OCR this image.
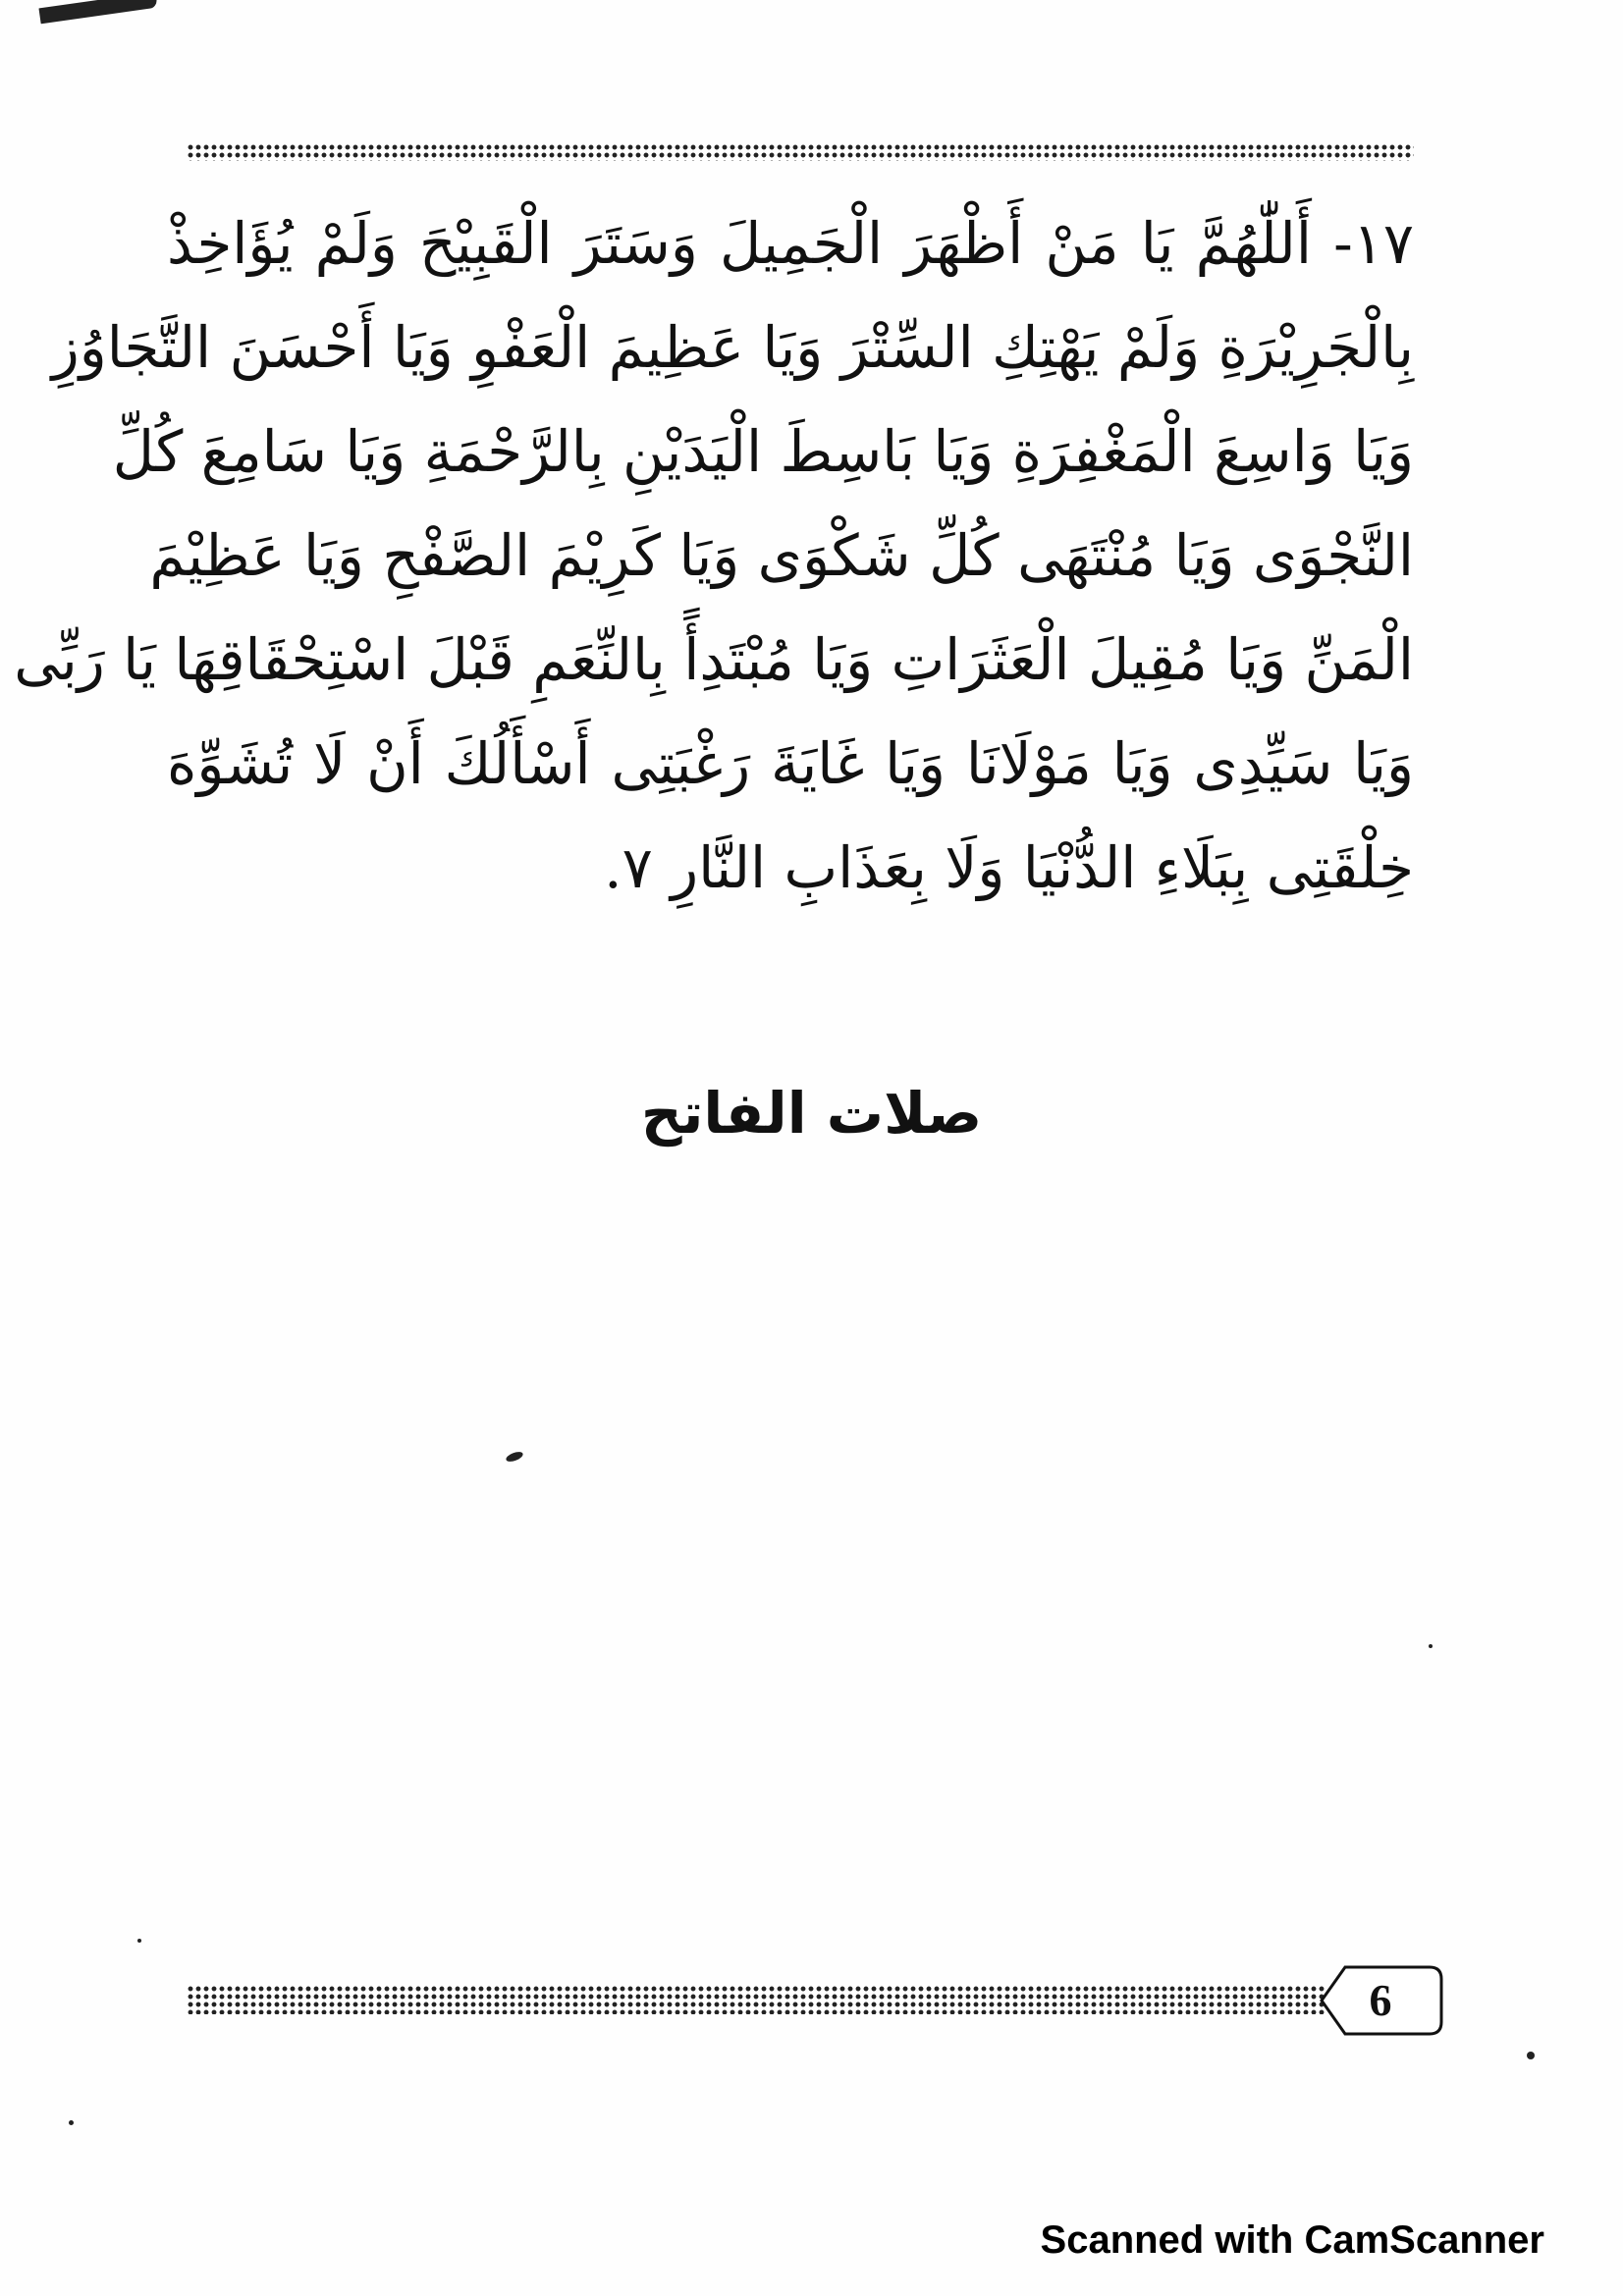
١٧- أَللّٰهُمَّ يَا مَنْ أَظْهَرَ الْجَمِيلَ وَسَتَرَ الْقَبِيْحَ وَلَمْ يُؤَاخِذْ
بِالْجَرِيْرَةِ وَلَمْ يَهْتِكِ السِّتْرَ وَيَا عَظِيمَ الْعَفْوِ وَيَا أَحْسَنَ التَّجَاوُزِ
وَيَا وَاسِعَ الْمَغْفِرَةِ وَيَا بَاسِطَ الْيَدَيْنِ بِالرَّحْمَةِ وَيَا سَامِعَ كُلِّ
النَّجْوَى وَيَا مُنْتَهَى كُلِّ شَكْوَى وَيَا كَرِيْمَ الصَّفْحِ وَيَا عَظِيْمَ
الْمَنِّ وَيَا مُقِيلَ الْعَثَرَاتِ وَيَا مُبْتَدِأً بِالنِّعَمِ قَبْلَ اسْتِحْقَاقِهَا يَا رَبِّى
وَيَا سَيِّدِى وَيَا مَوْلَانَا وَيَا غَايَةَ رَغْبَتِى أَسْأَلُكَ أَنْ لَا تُشَوِّهَ
خِلْقَتِى بِبَلَاءِ الدُّنْيَا وَلَا بِعَذَابِ النَّارِ ٧.
صلات الفاتح
6
Scanned with CamScanner
